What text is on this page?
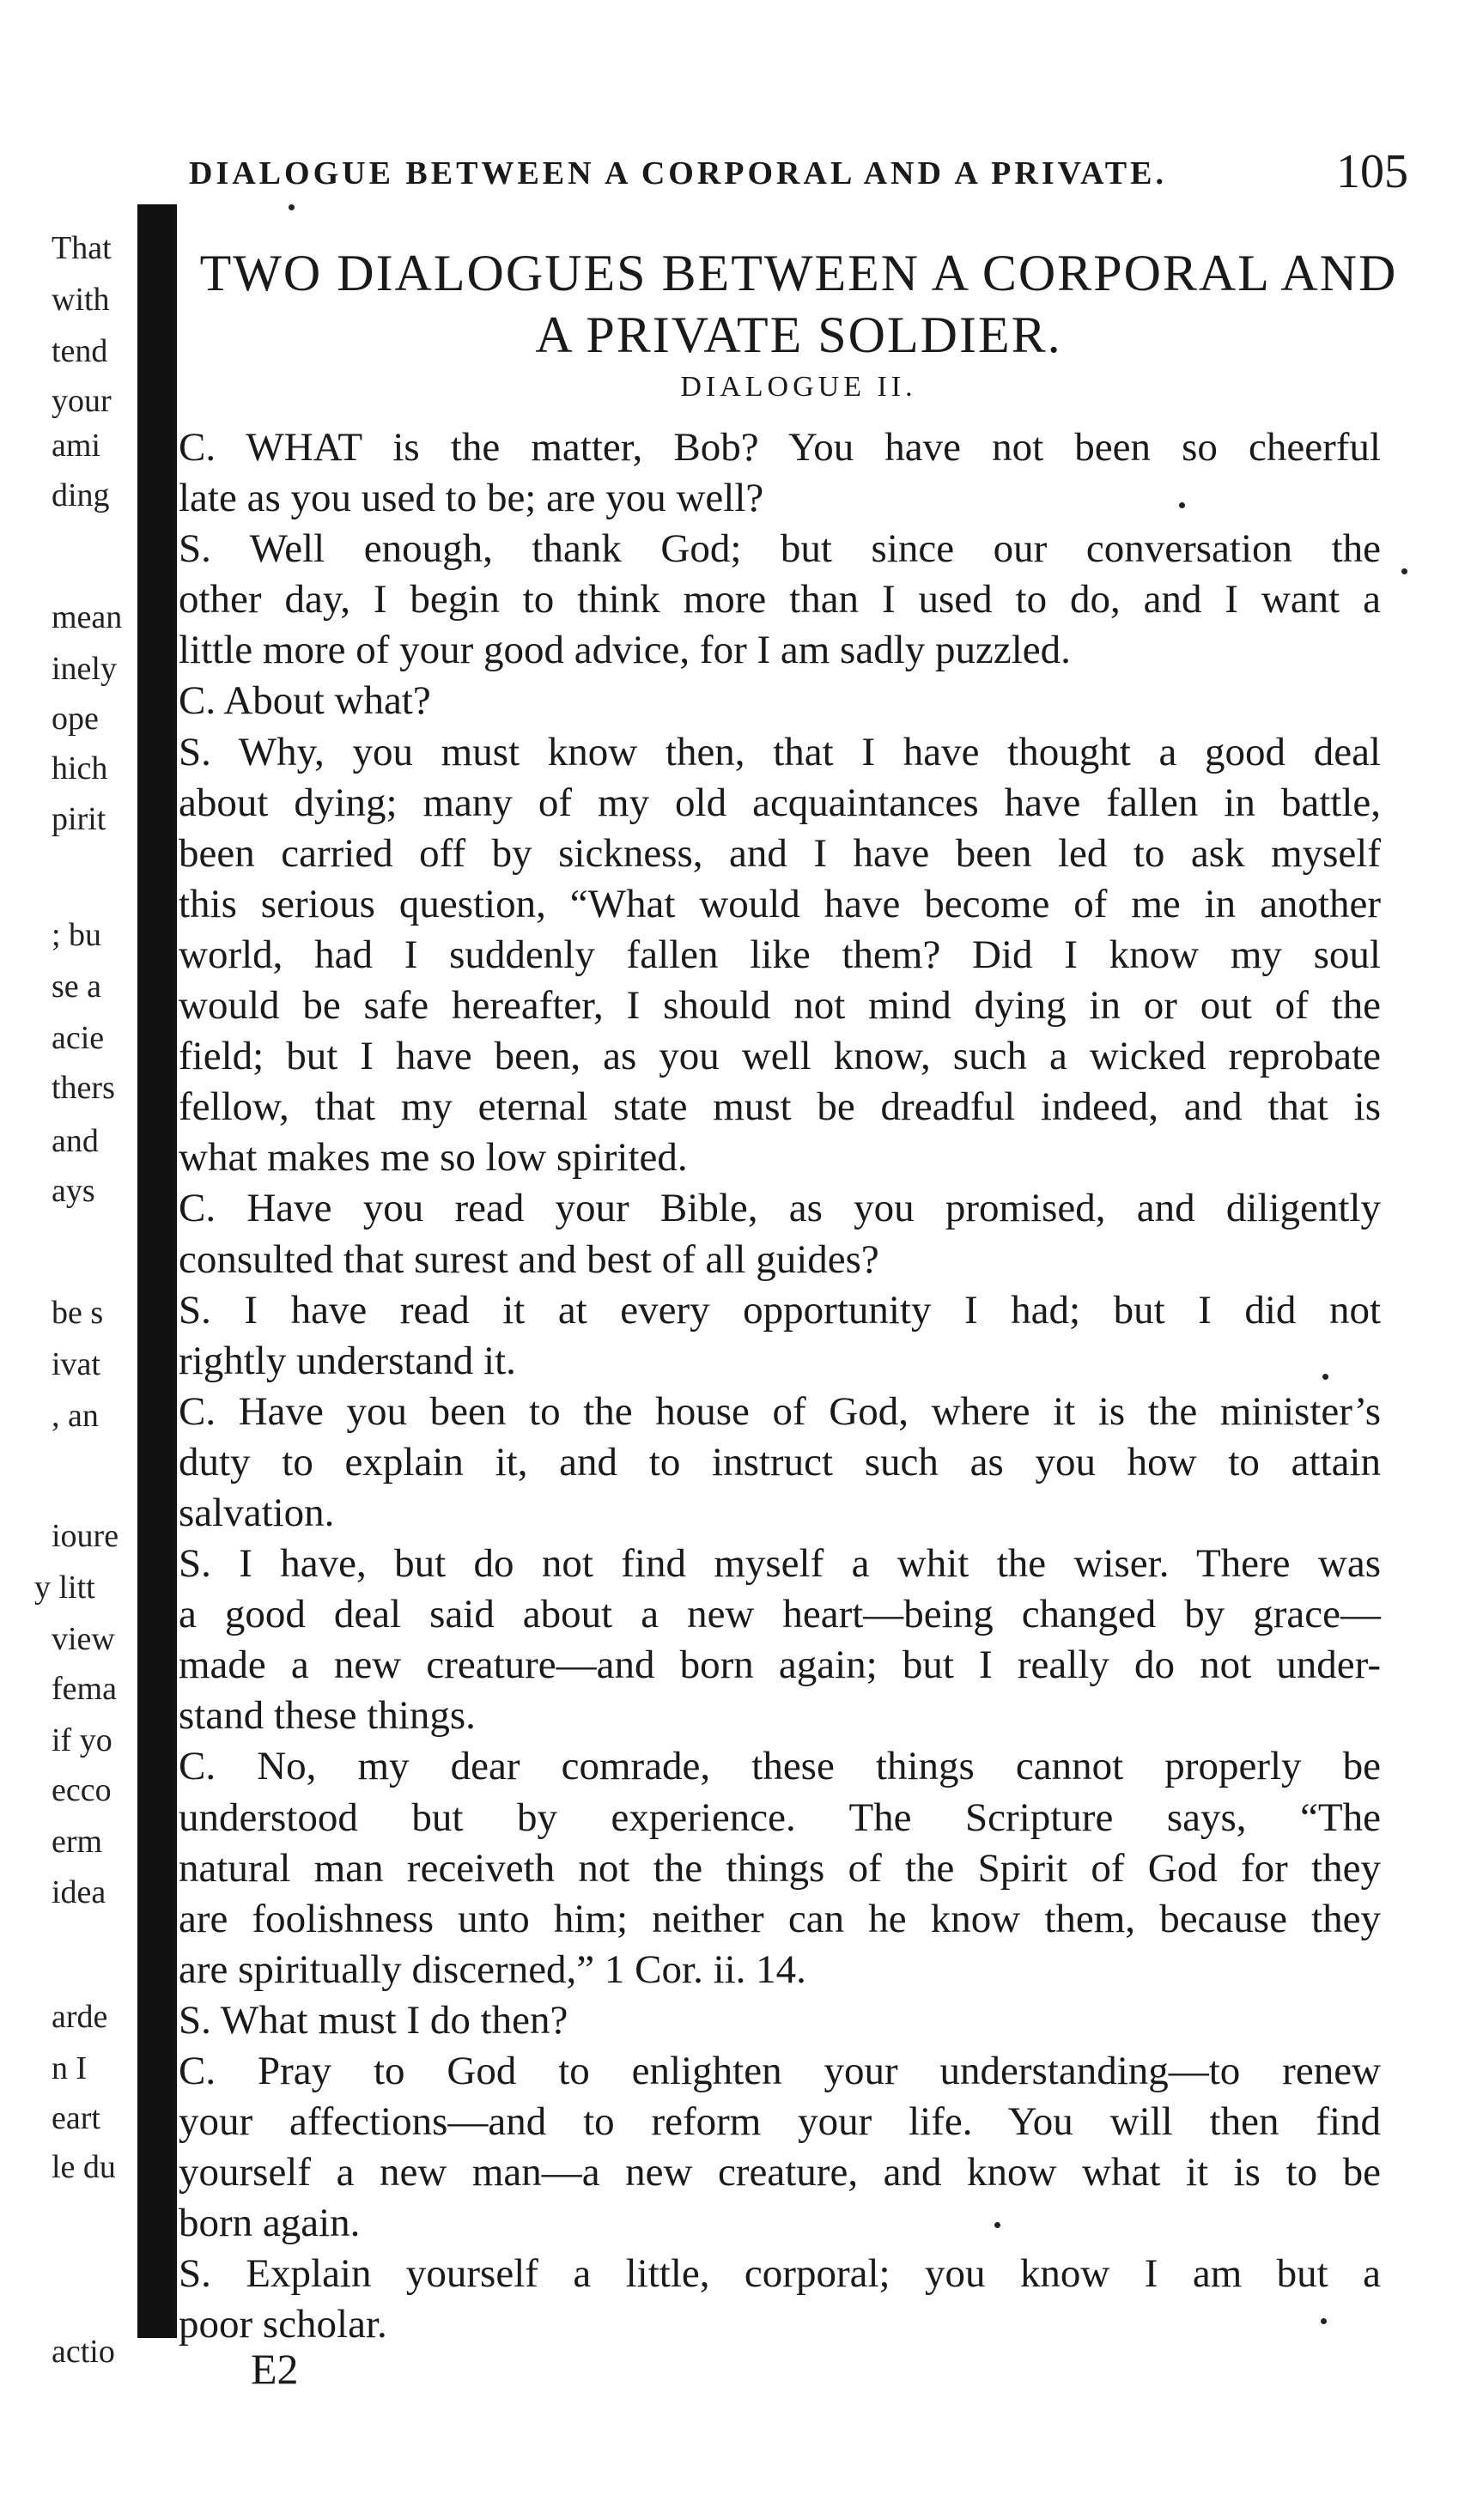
That
with
tend
your
ami
ding
mean
inely
ope
hich
pirit
; bu
se a
acie
thers
and
ays
be s
ivat
, an
ioure
y litt
view
fema
if yo
ecco
erm
idea
arde
n I
eart
le du
actio
DIALOGUE BETWEEN A CORPORAL AND A PRIVATE.	105
TWO DIALOGUES BETWEEN A CORPORAL AND
A PRIVATE SOLDIER.
DIALOGUE II.
C. WHAT is the matter, Bob? You have not been so cheerful
late as you used to be; are you well?
S. Well enough, thank God; but since our conversation the
other day, I begin to think more than I used to do, and I want a
little more of your good advice, for I am sadly puzzled.
C. About what?
S. Why, you must know then, that I have thought a good deal
about dying; many of my old acquaintances have fallen in battle,
been carried off by sickness, and I have been led to ask myself
this serious question, “What would have become of me in another
world, had I suddenly fallen like them? Did I know my soul
would be safe hereafter, I should not mind dying in or out of the
field; but I have been, as you well know, such a wicked reprobate
fellow, that my eternal state must be dreadful indeed, and that is
what makes me so low spirited.
C. Have you read your Bible, as you promised, and diligently
consulted that surest and best of all guides?
S. I have read it at every opportunity I had; but I did not
rightly understand it.
C. Have you been to the house of God, where it is the minister’s
duty to explain it, and to instruct such as you how to attain
salvation.
S. I have, but do not find myself a whit the wiser. There was
a good deal said about a new heart—being changed by grace—
made a new creature—and born again; but I really do not under-
stand these things.
C. No, my dear comrade, these things cannot properly be
understood but by experience. The Scripture says, “The
natural man receiveth not the things of the Spirit of God for they
are foolishness unto him; neither can he know them, because they
are spiritually discerned,” 1 Cor. ii. 14.
S. What must I do then?
C. Pray to God to enlighten your understanding—to renew
your affections—and to reform your life. You will then find
yourself a new man—a new creature, and know what it is to be
born again.
S. Explain yourself a little, corporal; you know I am but a
poor scholar.
E2
